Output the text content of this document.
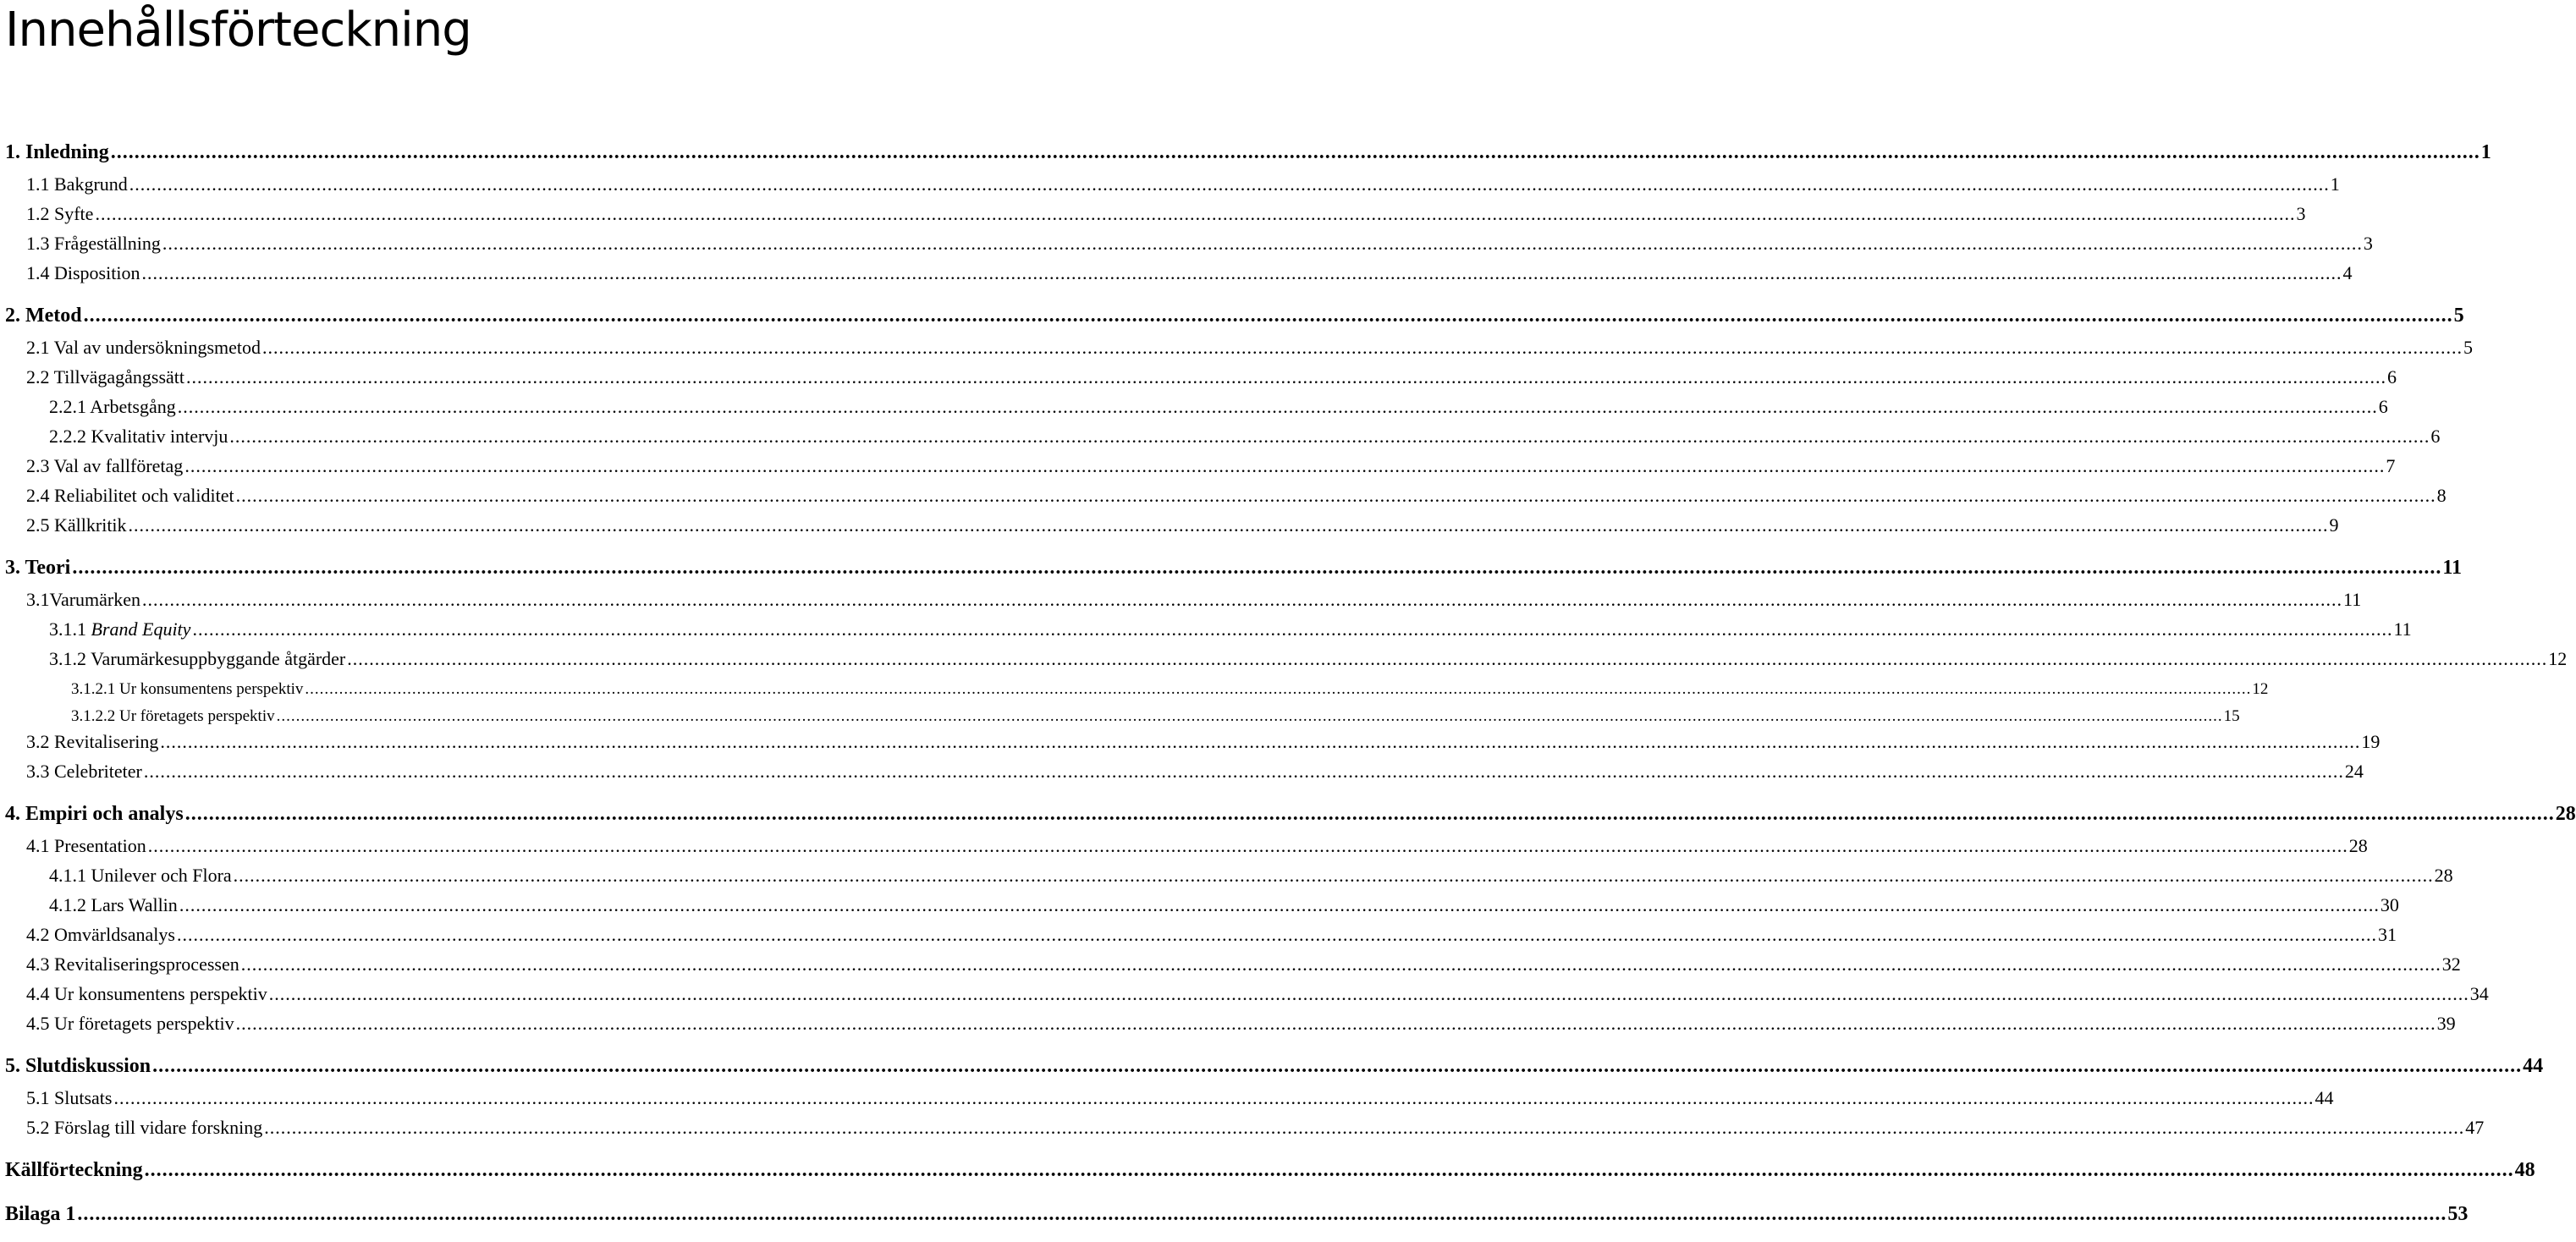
Innehållsförteckning
1. Inledning ................................................................................................................................................................................................................................................................................................................................................................................................................ 1
1.1 Bakgrund ................................................................................................................................................................................................................................................................................................................................................................................................................ 1
1.2 Syfte ................................................................................................................................................................................................................................................................................................................................................................................................................ 3
1.3 Frågeställning ................................................................................................................................................................................................................................................................................................................................................................................................................ 3
1.4 Disposition ................................................................................................................................................................................................................................................................................................................................................................................................................ 4
2. Metod ................................................................................................................................................................................................................................................................................................................................................................................................................ 5
2.1 Val av undersökningsmetod ................................................................................................................................................................................................................................................................................................................................................................................................................ 5
2.2 Tillvägagångssätt ................................................................................................................................................................................................................................................................................................................................................................................................................ 6
2.2.1 Arbetsgång ................................................................................................................................................................................................................................................................................................................................................................................................................ 6
2.2.2 Kvalitativ intervju ................................................................................................................................................................................................................................................................................................................................................................................................................ 6
2.3 Val av fallföretag ................................................................................................................................................................................................................................................................................................................................................................................................................ 7
2.4 Reliabilitet och validitet ................................................................................................................................................................................................................................................................................................................................................................................................................ 8
2.5 Källkritik ................................................................................................................................................................................................................................................................................................................................................................................................................ 9
3. Teori ................................................................................................................................................................................................................................................................................................................................................................................................................ 11
3.1Varumärken ................................................................................................................................................................................................................................................................................................................................................................................................................ 11
3.1.1 Brand Equity ................................................................................................................................................................................................................................................................................................................................................................................................................ 11
3.1.2 Varumärkesuppbyggande åtgärder ................................................................................................................................................................................................................................................................................................................................................................................................................ 12
3.1.2.1 Ur konsumentens perspektiv ................................................................................................................................................................................................................................................................................................................................................................................................................ 12
3.1.2.2 Ur företagets perspektiv ................................................................................................................................................................................................................................................................................................................................................................................................................ 15
3.2 Revitalisering ................................................................................................................................................................................................................................................................................................................................................................................................................ 19
3.3 Celebriteter ................................................................................................................................................................................................................................................................................................................................................................................................................ 24
4. Empiri och analys ................................................................................................................................................................................................................................................................................................................................................................................................................ 28
4.1 Presentation ................................................................................................................................................................................................................................................................................................................................................................................................................ 28
4.1.1 Unilever och Flora ................................................................................................................................................................................................................................................................................................................................................................................................................ 28
4.1.2 Lars Wallin ................................................................................................................................................................................................................................................................................................................................................................................................................ 30
4.2 Omvärldsanalys ................................................................................................................................................................................................................................................................................................................................................................................................................ 31
4.3 Revitaliseringsprocessen ................................................................................................................................................................................................................................................................................................................................................................................................................ 32
4.4 Ur konsumentens perspektiv ................................................................................................................................................................................................................................................................................................................................................................................................................ 34
4.5 Ur företagets perspektiv ................................................................................................................................................................................................................................................................................................................................................................................................................ 39
5. Slutdiskussion ................................................................................................................................................................................................................................................................................................................................................................................................................ 44
5.1 Slutsats ................................................................................................................................................................................................................................................................................................................................................................................................................ 44
5.2 Förslag till vidare forskning ................................................................................................................................................................................................................................................................................................................................................................................................................ 47
Källförteckning ................................................................................................................................................................................................................................................................................................................................................................................................................ 48
Bilaga 1 ................................................................................................................................................................................................................................................................................................................................................................................................................ 53
